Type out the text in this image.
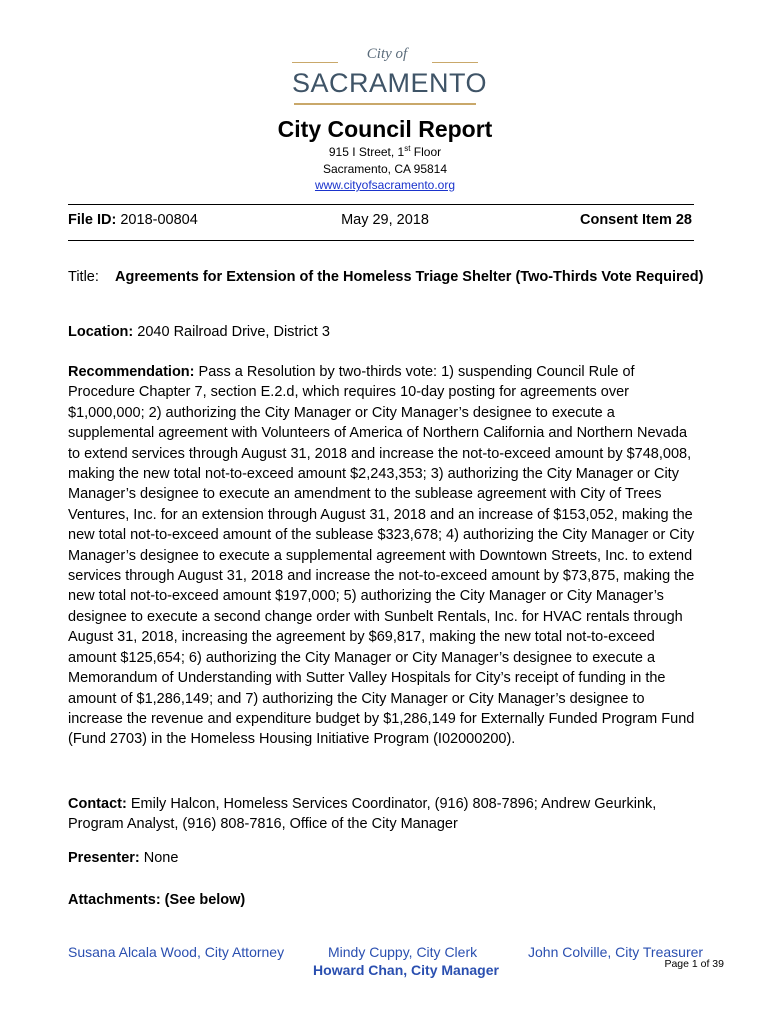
City of
SACRAMENTO
City Council Report
915 I Street, 1st Floor
Sacramento, CA 95814
www.cityofsacramento.org
File ID: 2018-00804	May 29, 2018	Consent Item 28
Title: Agreements for Extension of the Homeless Triage Shelter (Two-Thirds Vote Required)
Location: 2040 Railroad Drive, District 3
Recommendation: Pass a Resolution by two-thirds vote: 1) suspending Council Rule of Procedure Chapter 7, section E.2.d, which requires 10-day posting for agreements over $1,000,000; 2) authorizing the City Manager or City Manager’s designee to execute a supplemental agreement with Volunteers of America of Northern California and Northern Nevada to extend services through August 31, 2018 and increase the not-to-exceed amount by $748,008, making the new total not-to-exceed amount $2,243,353; 3) authorizing the City Manager or City Manager’s designee to execute an amendment to the sublease agreement with City of Trees Ventures, Inc. for an extension through August 31, 2018 and an increase of $153,052, making the new total not-to-exceed amount of the sublease $323,678; 4) authorizing the City Manager or City Manager’s designee to execute a supplemental agreement with Downtown Streets, Inc. to extend services through August 31, 2018 and increase the not-to-exceed amount by $73,875, making the new total not-to-exceed amount $197,000; 5) authorizing the City Manager or City Manager’s designee to execute a second change order with Sunbelt Rentals, Inc. for HVAC rentals through August 31, 2018, increasing the agreement by $69,817, making the new total not-to-exceed amount $125,654; 6) authorizing the City Manager or City Manager’s designee to execute a Memorandum of Understanding with Sutter Valley Hospitals for City’s receipt of funding in the amount of $1,286,149; and 7) authorizing the City Manager or City Manager’s designee to increase the revenue and expenditure budget by $1,286,149 for Externally Funded Program Fund (Fund 2703) in the Homeless Housing Initiative Program (I02000200).
Contact: Emily Halcon, Homeless Services Coordinator, (916) 808-7896; Andrew Geurkink, Program Analyst, (916) 808-7816, Office of the City Manager
Presenter: None
Attachments: (See below)
Susana Alcala Wood, City Attorney	Mindy Cuppy, City Clerk	John Colville, City Treasurer
Howard Chan, City Manager	Page 1 of 39
